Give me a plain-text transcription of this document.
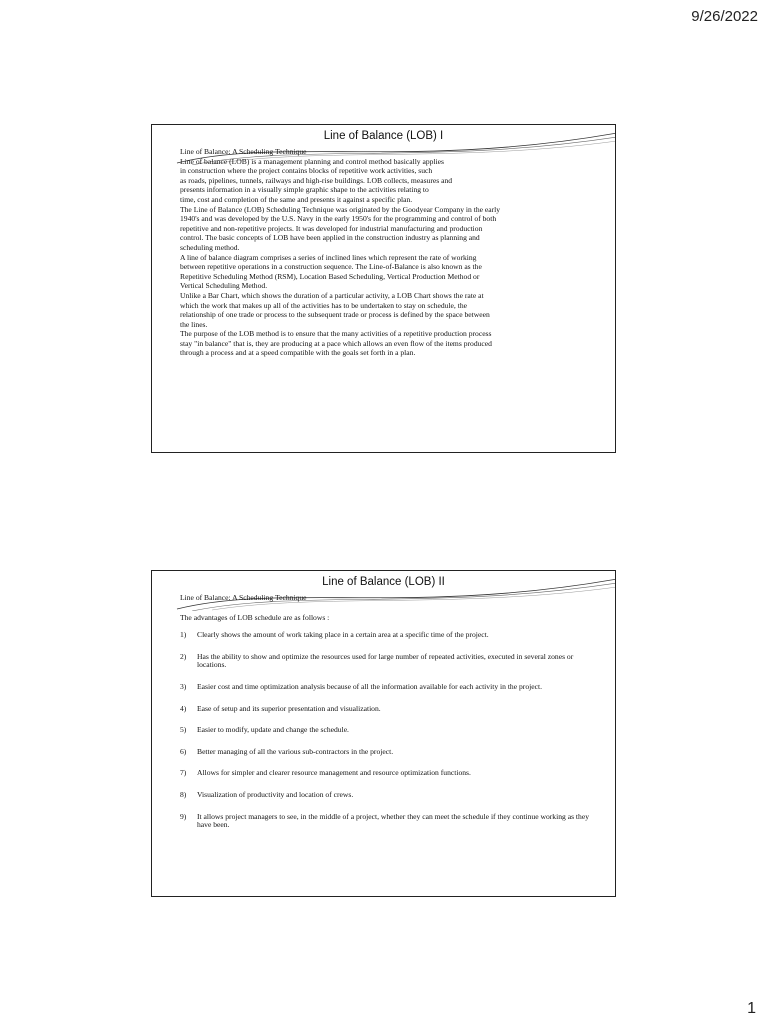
9/26/2022
Line of Balance (LOB) I
Line of Balance: A Scheduling Technique

Line of balance (LOB) is a management planning and control method basically applies

in construction where the project contains blocks of repetitive work activities, such

as roads, pipelines, tunnels, railways and high-rise buildings. LOB collects, measures and

presents information in a visually simple graphic shape to the activities relating to

time, cost and completion of the same and presents it against a specific plan.

The Line of Balance (LOB) Scheduling Technique was originated by the Goodyear Company in the early

1940's and was developed by the U.S. Navy in the early 1950's for the programming and control of both

repetitive and non-repetitive projects. It was developed for industrial manufacturing and production

control. The basic concepts of LOB have been applied in the construction industry as planning and

scheduling method.

A line of balance diagram comprises a series of inclined lines which represent the rate of working

between repetitive operations in a construction sequence. The Line-of-Balance is also known as the

Repetitive Scheduling Method (RSM), Location Based Scheduling, Vertical Production Method or

Vertical Scheduling Method.

Unlike a Bar Chart, which shows the duration of a particular activity, a LOB Chart shows the rate at

which the work that makes up all of the activities has to be undertaken to stay on schedule, the

relationship of one trade or process to the subsequent trade or process is defined by the space between

the lines.

The purpose of the LOB method is to ensure that the many activities of a repetitive production process

stay "in balance" that is, they are producing at a pace which allows an even flow of the items produced

through a process and at a speed compatible with the goals set forth in a plan.

Line of Balance (LOB) II
Line of Balance: A Scheduling Technique
The advantages of LOB schedule are as follows :
1)	Clearly shows the amount of work taking place in a certain area at a specific time of the project.
2)	Has the ability to show and optimize the resources used for large number of repeated activities, executed in several zones or locations.
3)	Easier cost and time optimization analysis because of all the information available for each activity in the project.
4)	Ease of setup and its superior presentation and visualization.
5)	Easier to modify, update and change the schedule.
6)	Better managing of all the various sub-contractors in the project.
7)	Allows for simpler and clearer resource management and resource optimization functions.
8)	Visualization of productivity and location of crews.
9)	It allows project managers to see, in the middle of a project, whether they can meet the schedule if they continue working as they have been.
1
